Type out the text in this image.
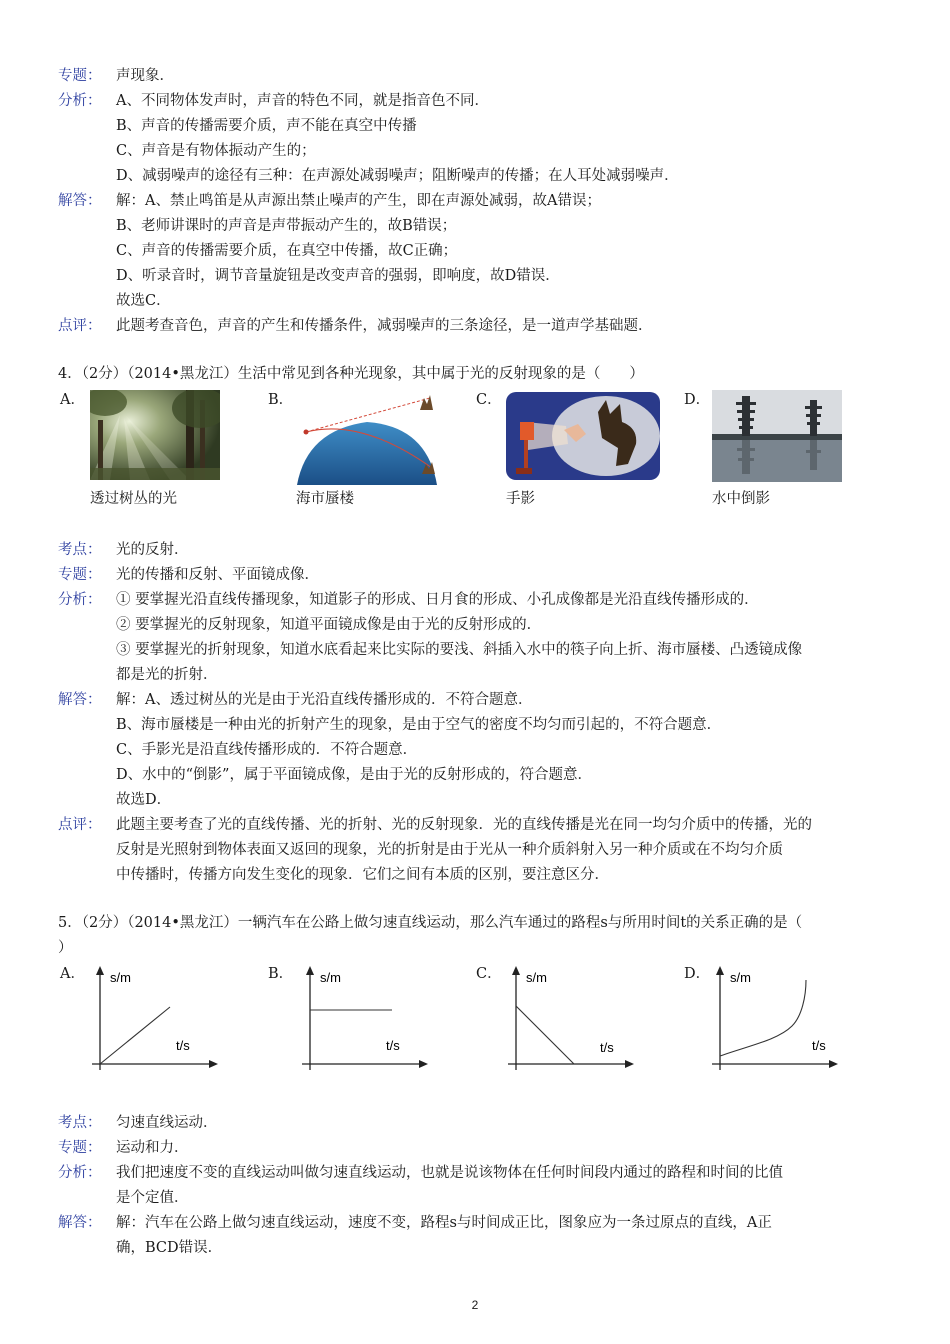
专题：	声现象．
分析：	A、不同物体发声时，声音的特色不同，就是指音色不同．
B、声音的传播需要介质，声不能在真空中传播
C、声音是有物体振动产生的；
D、减弱噪声的途径有三种：在声源处减弱噪声；阻断噪声的传播；在人耳处减弱噪声．
解答：	解：A、禁止鸣笛是从声源出禁止噪声的产生，即在声源处减弱，故A错误；
B、老师讲课时的声音是声带振动产生的，故B错误；
C、声音的传播需要介质，在真空中传播，故C正确；
D、听录音时，调节音量旋钮是改变声音的强弱，即响度，故D错误．
故选C．
点评：	此题考查音色，声音的产生和传播条件，减弱噪声的三条途径，是一道声学基础题．
4．（2分）（2014•黑龙江）生活中常见到各种光现象，其中属于光的反射现象的是（　　）
A．	B．	C．	D．
透过树丛的光	海市蜃楼	手影	水中倒影
考点：	光的反射．
专题：	光的传播和反射、平面镜成像．
分析：	① 要掌握光沿直线传播现象，知道影子的形成、日月食的形成、小孔成像都是光沿直线传播形成的．
② 要掌握光的反射现象，知道平面镜成像是由于光的反射形成的．
③ 要掌握光的折射现象，知道水底看起来比实际的要浅、斜插入水中的筷子向上折、海市蜃楼、凸透镜成像
都是光的折射．
解答：	解：A、透过树丛的光是由于光沿直线传播形成的．不符合题意．
B、海市蜃楼是一种由光的折射产生的现象，是由于空气的密度不均匀而引起的，不符合题意．
C、手影光是沿直线传播形成的．不符合题意．
D、水中的“倒影”，属于平面镜成像，是由于光的反射形成的，符合题意．
故选D．
点评：	此题主要考查了光的直线传播、光的折射、光的反射现象．光的直线传播是光在同一均匀介质中的传播，光的
反射是光照射到物体表面又返回的现象，光的折射是由于光从一种介质斜射入另一种介质或在不均匀介质
中传播时，传播方向发生变化的现象．它们之间有本质的区别，要注意区分．
5．（2分）（2014•黑龙江）一辆汽车在公路上做匀速直线运动，那么汽车通过的路程s与所用时间t的关系正确的是（
）
A．	B．	C．	D．
s/m
t/s
s/m
t/s
s/m
t/s
s/m
t/s
考点：	匀速直线运动．
专题：	运动和力．
分析：	我们把速度不变的直线运动叫做匀速直线运动，也就是说该物体在任何时间段内通过的路程和时间的比值
是个定值．
解答：	解：汽车在公路上做匀速直线运动，速度不变，路程s与时间成正比，图象应为一条过原点的直线，A正
确，BCD错误．
2
